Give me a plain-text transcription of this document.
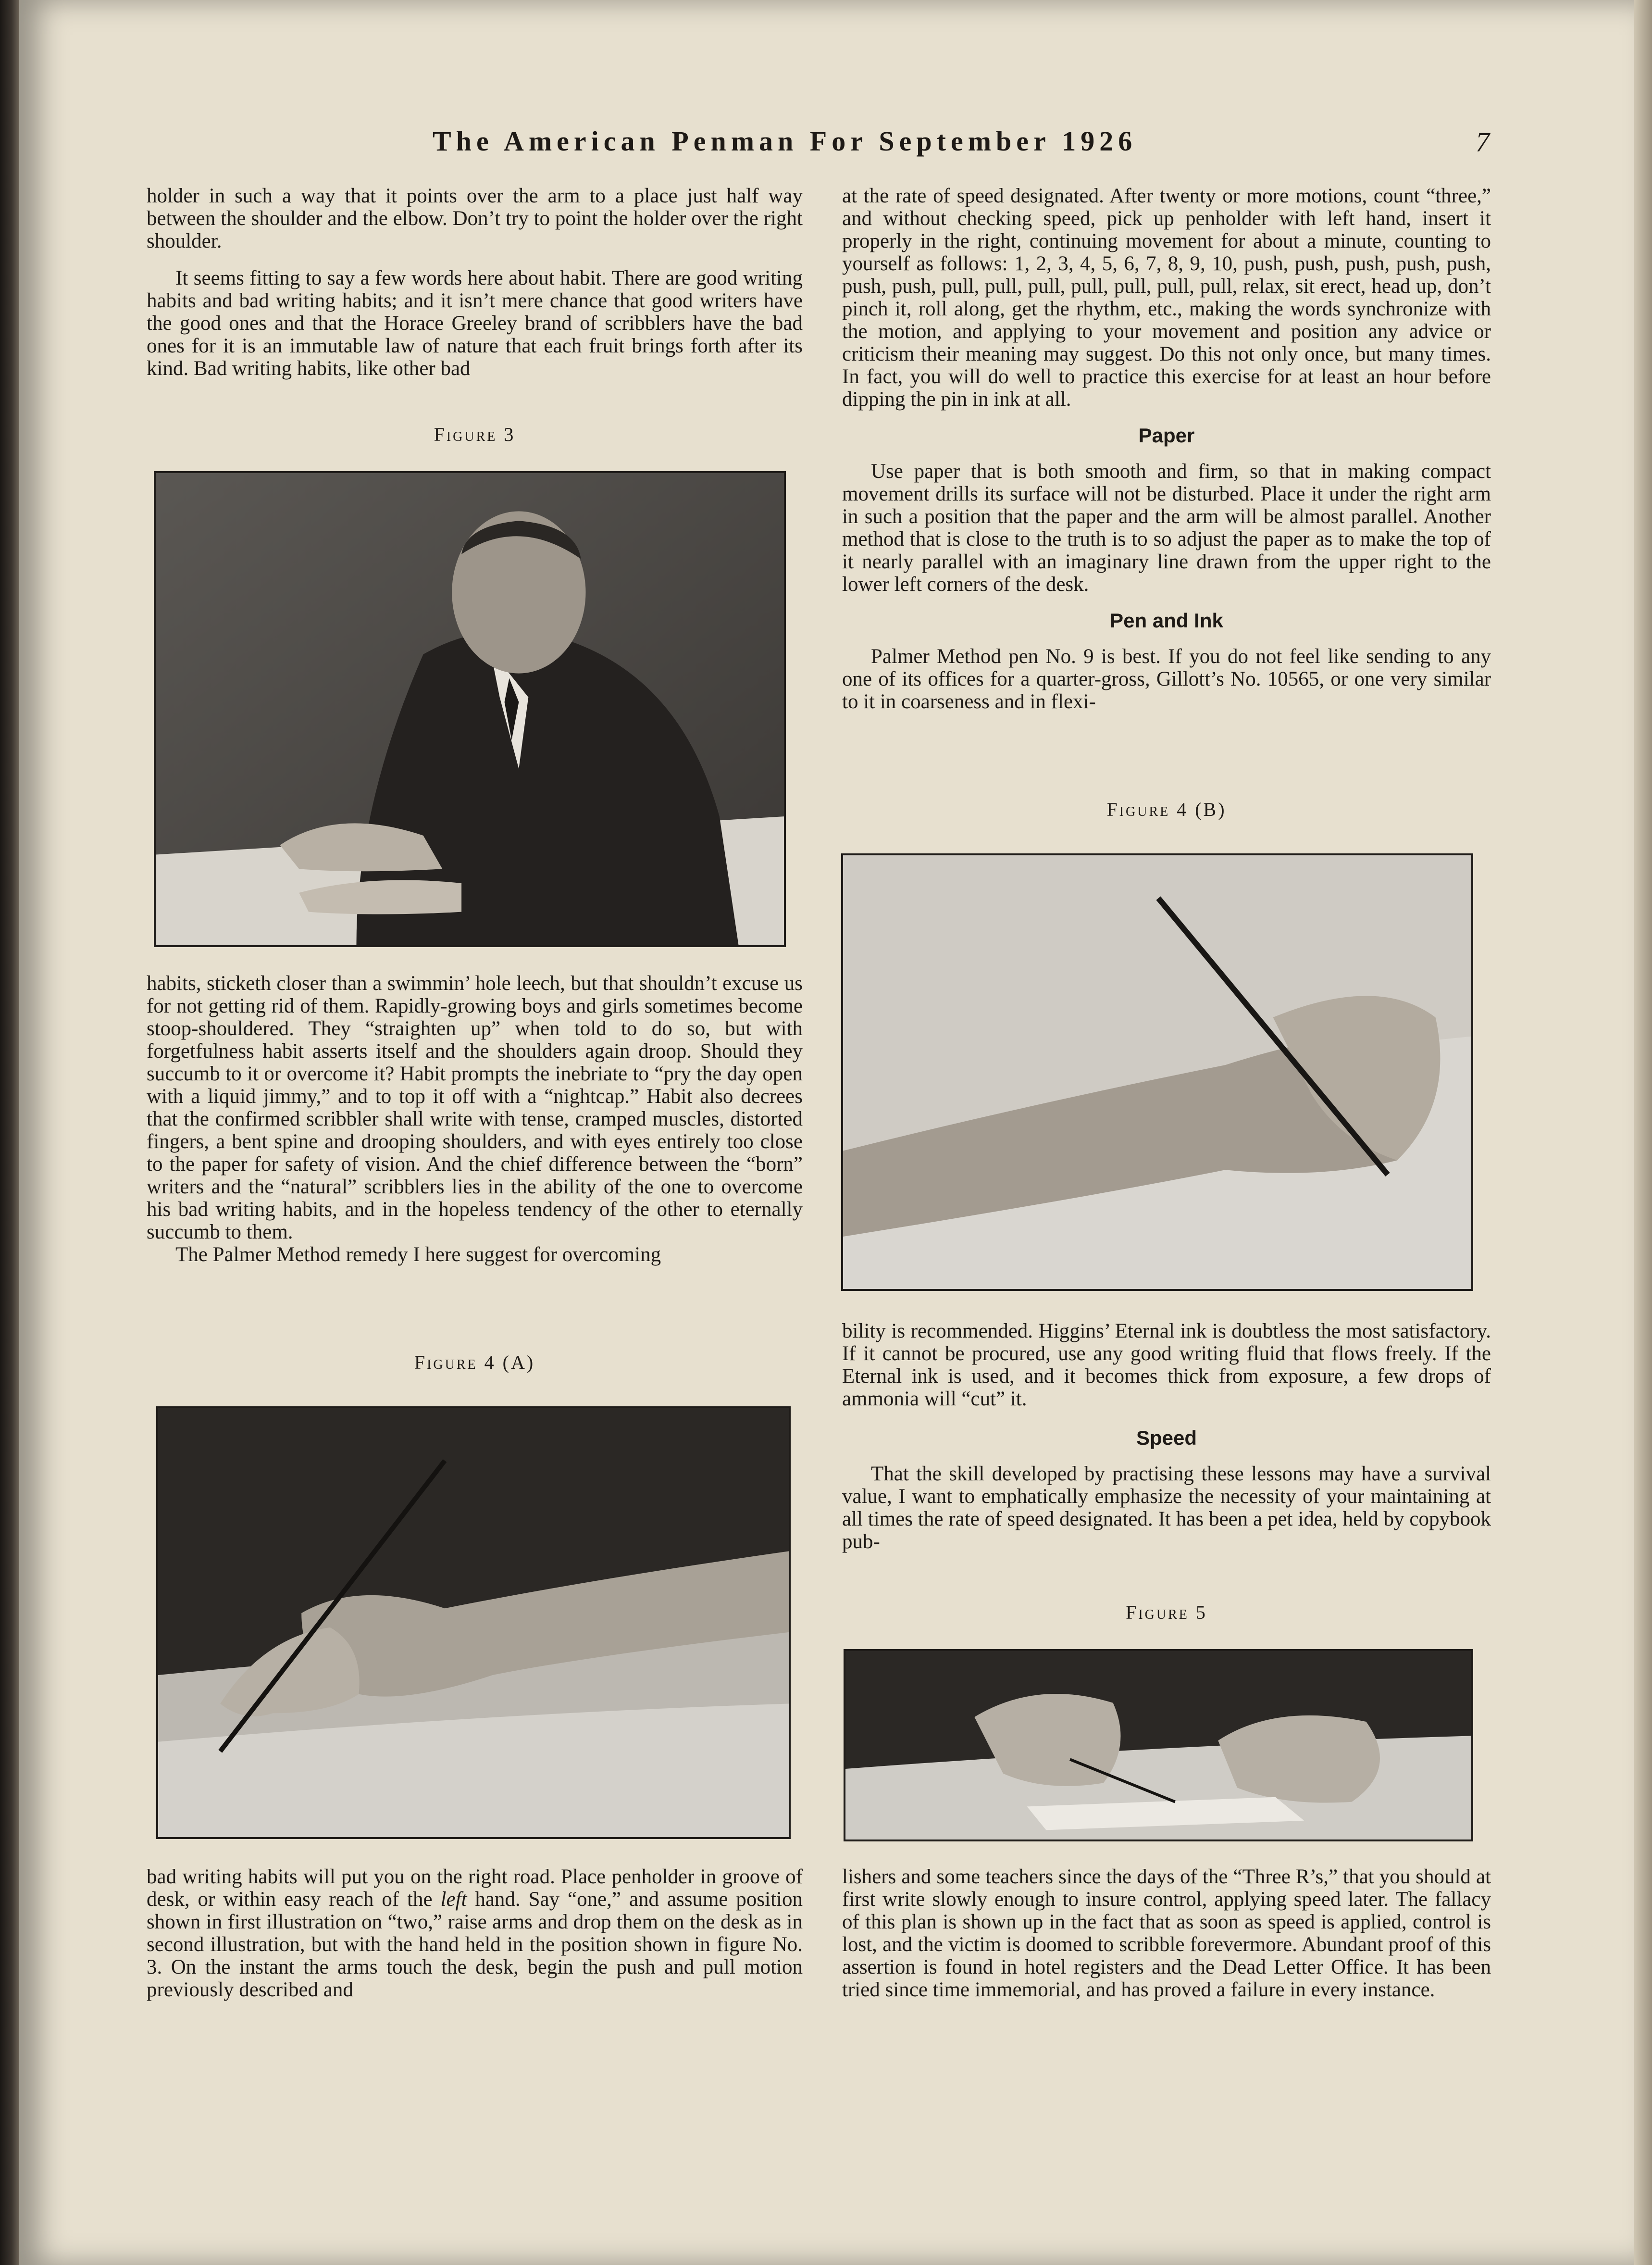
The American Penman For September 1926	7

holder in such a way that it points over the arm to a place just half way between the shoulder and the elbow. Don’t try to point the holder over the right shoulder.

It seems fitting to say a few words here about habit. There are good writing habits and bad writing habits; and it isn’t mere chance that good writers have the good ones and that the Horace Greeley brand of scribblers have the bad ones for it is an immutable law of nature that each fruit brings forth after its kind. Bad writing habits, like other bad

Figure 3

habits, sticketh closer than a swimmin’ hole leech, but that shouldn’t excuse us for not getting rid of them. Rapidly-growing boys and girls sometimes become stoop-shouldered. They “straighten up” when told to do so, but with forgetfulness habit asserts itself and the shoulders again droop. Should they succumb to it or overcome it? Habit prompts the inebriate to “pry the day open with a liquid jimmy,” and to top it off with a “nightcap.” Habit also decrees that the confirmed scribbler shall write with tense, cramped muscles, distorted fingers, a bent spine and drooping shoulders, and with eyes entirely too close to the paper for safety of vision. And the chief difference between the “born” writers and the “natural” scribblers lies in the ability of the one to overcome his bad writing habits, and in the hopeless tendency of the other to eternally succumb to them.

The Palmer Method remedy I here suggest for overcoming

Figure 4 (A)

bad writing habits will put you on the right road. Place penholder in groove of desk, or within easy reach of the left hand. Say “one,” and assume position shown in first illustration on “two,” raise arms and drop them on the desk as in second illustration, but with the hand held in the position shown in figure No. 3. On the instant the arms touch the desk, begin the push and pull motion previously described and

at the rate of speed designated. After twenty or more motions, count “three,” and without checking speed, pick up penholder with left hand, insert it properly in the right, continuing movement for about a minute, counting to yourself as follows: 1, 2, 3, 4, 5, 6, 7, 8, 9, 10, push, push, push, push, push, push, push, pull, pull, pull, pull, pull, pull, pull, relax, sit erect, head up, don’t pinch it, roll along, get the rhythm, etc., making the words synchronize with the motion, and applying to your movement and position any advice or criticism their meaning may suggest. Do this not only once, but many times. In fact, you will do well to practice this exercise for at least an hour before dipping the pin in ink at all.

Paper

Use paper that is both smooth and firm, so that in making compact movement drills its surface will not be disturbed. Place it under the right arm in such a position that the paper and the arm will be almost parallel. Another method that is close to the truth is to so adjust the paper as to make the top of it nearly parallel with an imaginary line drawn from the upper right to the lower left corners of the desk.

Pen and Ink

Palmer Method pen No. 9 is best. If you do not feel like sending to any one of its offices for a quarter-gross, Gillott’s No. 10565, or one very similar to it in coarseness and in flexi-

Figure 4 (B)

bility is recommended. Higgins’ Eternal ink is doubtless the most satisfactory. If it cannot be procured, use any good writing fluid that flows freely. If the Eternal ink is used, and it becomes thick from exposure, a few drops of ammonia will “cut” it.

Speed

That the skill developed by practising these lessons may have a survival value, I want to emphatically emphasize the necessity of your maintaining at all times the rate of speed designated. It has been a pet idea, held by copybook pub-

Figure 5

lishers and some teachers since the days of the “Three R’s,” that you should at first write slowly enough to insure control, applying speed later. The fallacy of this plan is shown up in the fact that as soon as speed is applied, control is lost, and the victim is doomed to scribble forevermore. Abundant proof of this assertion is found in hotel registers and the Dead Letter Office. It has been tried since time immemorial, and has proved a failure in every instance.
